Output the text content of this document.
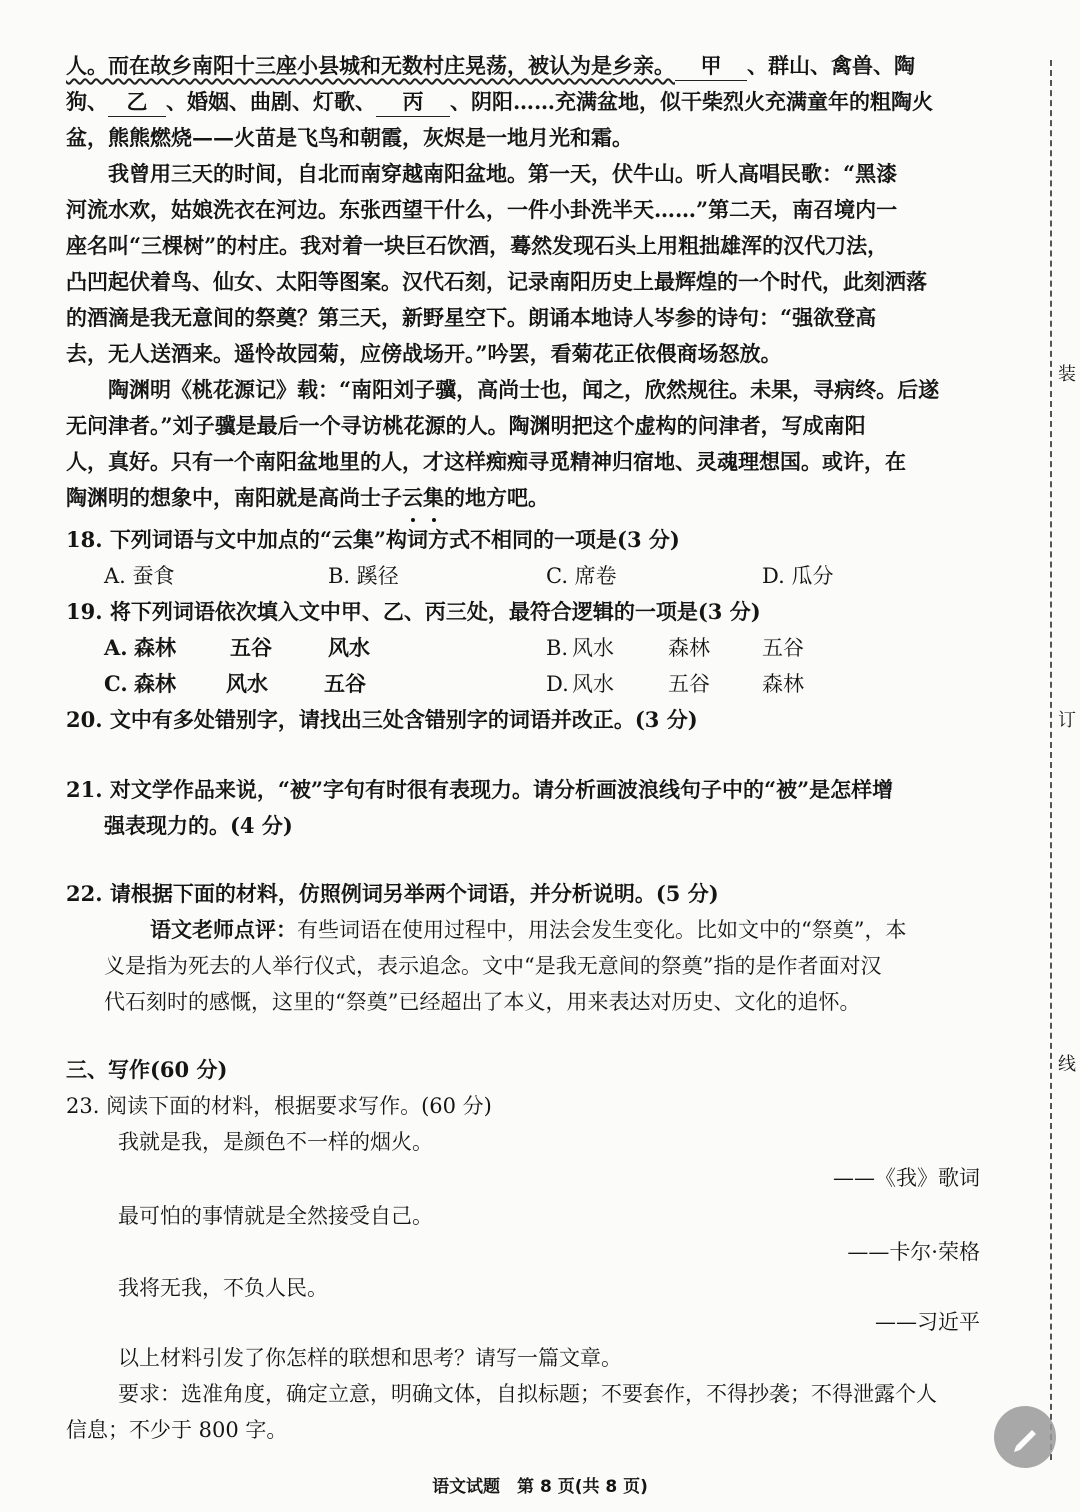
人。而在故乡南阳十三座小县城和无数村庄晃荡，被认为是乡亲。 甲 、群山、禽兽、陶
狗、 乙 、婚姻、曲剧、灯歌、 丙 、阴阳……充满盆地，似干柴烈火充满童年的粗陶火
盆，熊熊燃烧——火苗是飞鸟和朝霞，灰烬是一地月光和霜。
　　我曾用三天的时间，自北而南穿越南阳盆地。第一天，伏牛山。听人高唱民歌：“黑漆
河流水欢，姑娘洗衣在河边。东张西望干什么，一件小卦洗半天……”第二天，南召境内一
座名叫“三棵树”的村庄。我对着一块巨石饮酒，蓦然发现石头上用粗拙雄浑的汉代刀法，
凸凹起伏着鸟、仙女、太阳等图案。汉代石刻，记录南阳历史上最辉煌的一个时代，此刻洒落
的酒滴是我无意间的祭奠？第三天，新野星空下。朗诵本地诗人岑参的诗句：“强欲登高
去，无人送酒来。遥怜故园菊，应傍战场开。”吟罢，看菊花正依偎商场怒放。
　　陶渊明《桃花源记》载：“南阳刘子骥，高尚士也，闻之，欣然规往。未果，寻病终。后遂
无问津者。”刘子骥是最后一个寻访桃花源的人。陶渊明把这个虚构的问津者，写成南阳
人，真好。只有一个南阳盆地里的人，才这样痴痴寻觅精神归宿地、灵魂理想国。或许，在
陶渊明的想象中，南阳就是高尚士子云集的地方吧。
18. 下列词语与文中加点的“云集”构词方式不相同的一项是(3 分)
A. 蚕食	B. 蹊径	C. 席卷	D. 瓜分
19. 将下列词语依次填入文中甲、乙、丙三处，最符合逻辑的一项是(3 分)
A. 森林	五谷	风水	B. 风水	森林 五谷
C. 森林 风水	五谷	D. 风水	五谷 森林
20. 文中有多处错别字，请找出三处含错别字的词语并改正。(3 分)
21. 对文学作品来说，“被”字句有时很有表现力。请分析画波浪线句子中的“被”是怎样增
强表现力的。(4 分)
22. 请根据下面的材料，仿照例词另举两个词语，并分析说明。(5 分)
语文老师点评：有些词语在使用过程中，用法会发生变化。比如文中的“祭奠”，本
义是指为死去的人举行仪式，表示追念。文中“是我无意间的祭奠”指的是作者面对汉
代石刻时的感慨，这里的“祭奠”已经超出了本义，用来表达对历史、文化的追怀。
三、写作(60 分)
23. 阅读下面的材料，根据要求写作。(60 分)
我就是我，是颜色不一样的烟火。
——《我》歌词
最可怕的事情就是全然接受自己。
——卡尔·荣格
我将无我，不负人民。
——习近平
以上材料引发了你怎样的联想和思考？请写一篇文章。
要求：选准角度，确定立意，明确文体，自拟标题；不要套作，不得抄袭；不得泄露个人
信息；不少于 800 字。
装
订
线
语文试题　第 8 页(共 8 页)
